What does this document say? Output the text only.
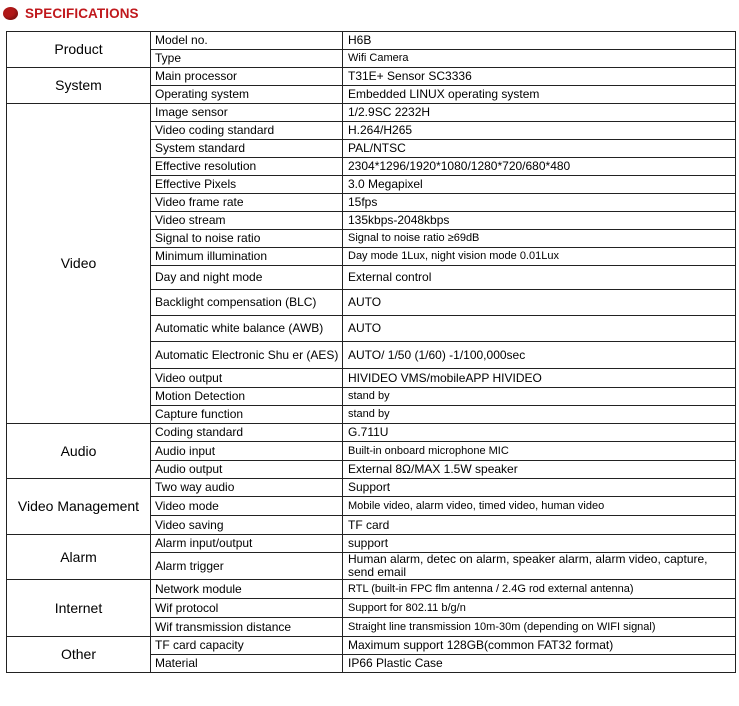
SPECIFICATIONS
Product	Model no.	H6B
	Type	Wifi Camera
System	Main processor	T31E+ Sensor SC3336
	Operating system	Embedded LINUX operating system
Video	Image sensor	1/2.9SC 2232H
	Video coding standard	H.264/H265
	System standard	PAL/NTSC
	Effective resolution	2304*1296/1920*1080/1280*720/680*480
	Effective Pixels	3.0 Megapixel
	Video frame rate	15fps
	Video stream	135kbps-2048kbps
	Signal to noise ratio	Signal to noise ratio ≥69dB
	Minimum illumination	Day mode 1Lux, night vision mode 0.01Lux
	Day and night mode	External control
	Backlight compensation (BLC)	AUTO
	Automatic white balance (AWB)	AUTO
	Automatic Electronic Shu er (AES)	AUTO/ 1/50 (1/60) -1/100,000sec
	Video output	HIVIDEO VMS/mobileAPP HIVIDEO
	Motion Detection	stand by
	Capture function	stand by
Audio	Coding standard	G.711U
	Audio input	Built-in onboard microphone MIC
	Audio output	External 8Ω/MAX 1.5W speaker
Video Management	Two way audio	Support
	Video mode	Mobile video, alarm video, timed video, human video
	Video saving	TF card
Alarm	Alarm input/output	support
	Alarm trigger	Human alarm, detec on alarm, speaker alarm, alarm video, capture, send email
Internet	Network module	RTL (built-in FPC flm antenna / 2.4G rod external antenna)
	Wif protocol	Support for 802.11 b/g/n
	Wif transmission distance	Straight line transmission 10m-30m (depending on WIFI signal)
Other	TF card capacity	Maximum support 128GB(common FAT32 format)
	Material	IP66 Plastic Case
